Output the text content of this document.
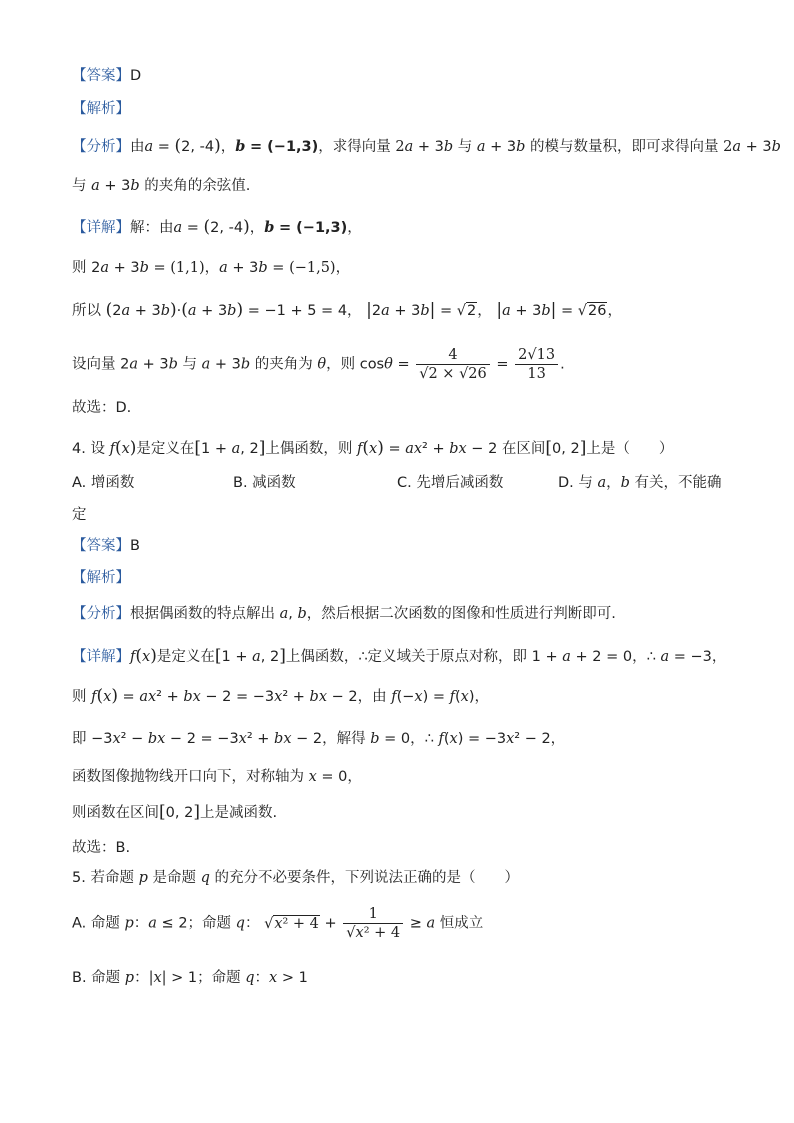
【答案】D
【解析】
【分析】由a = (2, -4)，b = (−1,3)，求得向量 2a + 3b 与 a + 3b 的模与数量积，即可求得向量 2a + 3b
与 a + 3b 的夹角的余弦值.
【详解】解：由a = (2, -4)，b = (−1,3)，
则 2a + 3b = (1,1)，a + 3b = (−1,5)，
所以 (2a + 3b)·(a + 3b) = −1 + 5 = 4， |2a + 3b| = √2， |a + 3b| = √26，
设向量 2a + 3b 与 a + 3b 的夹角为 θ，则 $\cos\theta = \frac{4}{√2 \times √26} = \frac{2√13}{13}$ .
故选：D.
4. 设 f(x)是定义在[1 + a, 2]上偶函数，则 f(x) = ax² + bx − 2 在区间[0, 2]上是（　　）
A. 增函数	B. 减函数	C. 先增后减函数	D. 与 a，b 有关，不能确
定
【答案】B
【解析】
【分析】根据偶函数的特点解出 a, b，然后根据二次函数的图像和性质进行判断即可.
【详解】f(x)是定义在[1 + a, 2]上偶函数，∴定义域关于原点对称，即 1 + a + 2 = 0，∴ a = −3，
则 f(x) = ax² + bx − 2 = −3x² + bx − 2，由 f(−x) = f(x)，
即 −3x² − bx − 2 = −3x² + bx − 2，解得 b = 0，∴ f(x) = −3x² − 2，
函数图像抛物线开口向下，对称轴为 x = 0，
则函数在区间[0, 2]上是减函数.
故选：B.
5. 若命题 p 是命题 q 的充分不必要条件，下列说法正确的是（　　）
A. 命题 p：a ≤ 2；命题 q： $√x^2 + 4 + \frac{1}{\text{√x² + 4}} \ge a$ 恒成立
B. 命题 p：|x| > 1；命题 q：x > 1
